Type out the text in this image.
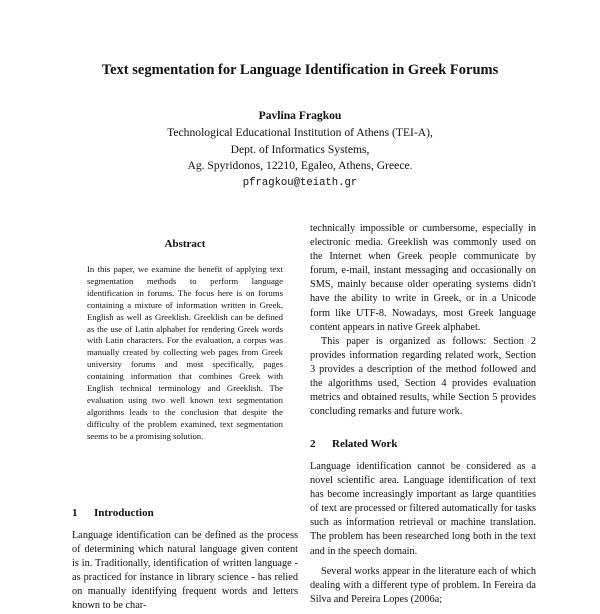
Text segmentation for Language Identification in Greek Forums
Pavlina Fragkou
Technological Educational Institution of Athens (TEI-A),
Dept. of Informatics Systems,
Ag. Spyridonos, 12210, Egaleo, Athens, Greece.
pfragkou@teiath.gr
Abstract

In this paper, we examine the benefit of applying text segmentation methods to perform language identification in forums. The focus here is on forums containing a mixture of information written in Greek, English as well as Greeklish. Greeklish can be defined as the use of Latin alphabet for rendering Greek words with Latin characters. For the evaluation, a corpus was manually created by collecting web pages from Greek university forums and most specifically, pages containing information that combines Greek with English technical terminology and Greeklish. The evaluation using two well known text segmentation algorithms leads to the conclusion that despite the difficulty of the problem examined, text segmentation seems to be a promising solution.

1 Introduction

Language identification can be defined as the process of determining which natural language given content is in. Traditionally, identification of written language - as practiced for instance in library science - has relied on manually identifying frequent words and letters known to be char-

technically impossible or cumbersome, especially in electronic media. Greeklish was commonly used on the Internet when Greek people communicate by forum, e-mail, instant messaging and occasionally on SMS, mainly because older operating systems didn't have the ability to write in Greek, or in a Unicode form like UTF-8. Nowadays, most Greek language content appears in native Greek alphabet.

This paper is organized as follows: Section 2 provides information regarding related work, Section 3 provides a description of the method followed and the algorithms used, Section 4 provides evaluation metrics and obtained results, while Section 5 provides concluding remarks and future work.

2 Related Work

Language identification cannot be considered as a novel scientific area. Language identification of text has become increasingly important as large quantities of text are processed or filtered automatically for tasks such as information retrieval or machine translation. The problem has been researched long both in the text and in the speech domain.

Several works appear in the literature each of which dealing with a different type of problem. In Fereira da Silva and Pereira Lopes (2006a;
